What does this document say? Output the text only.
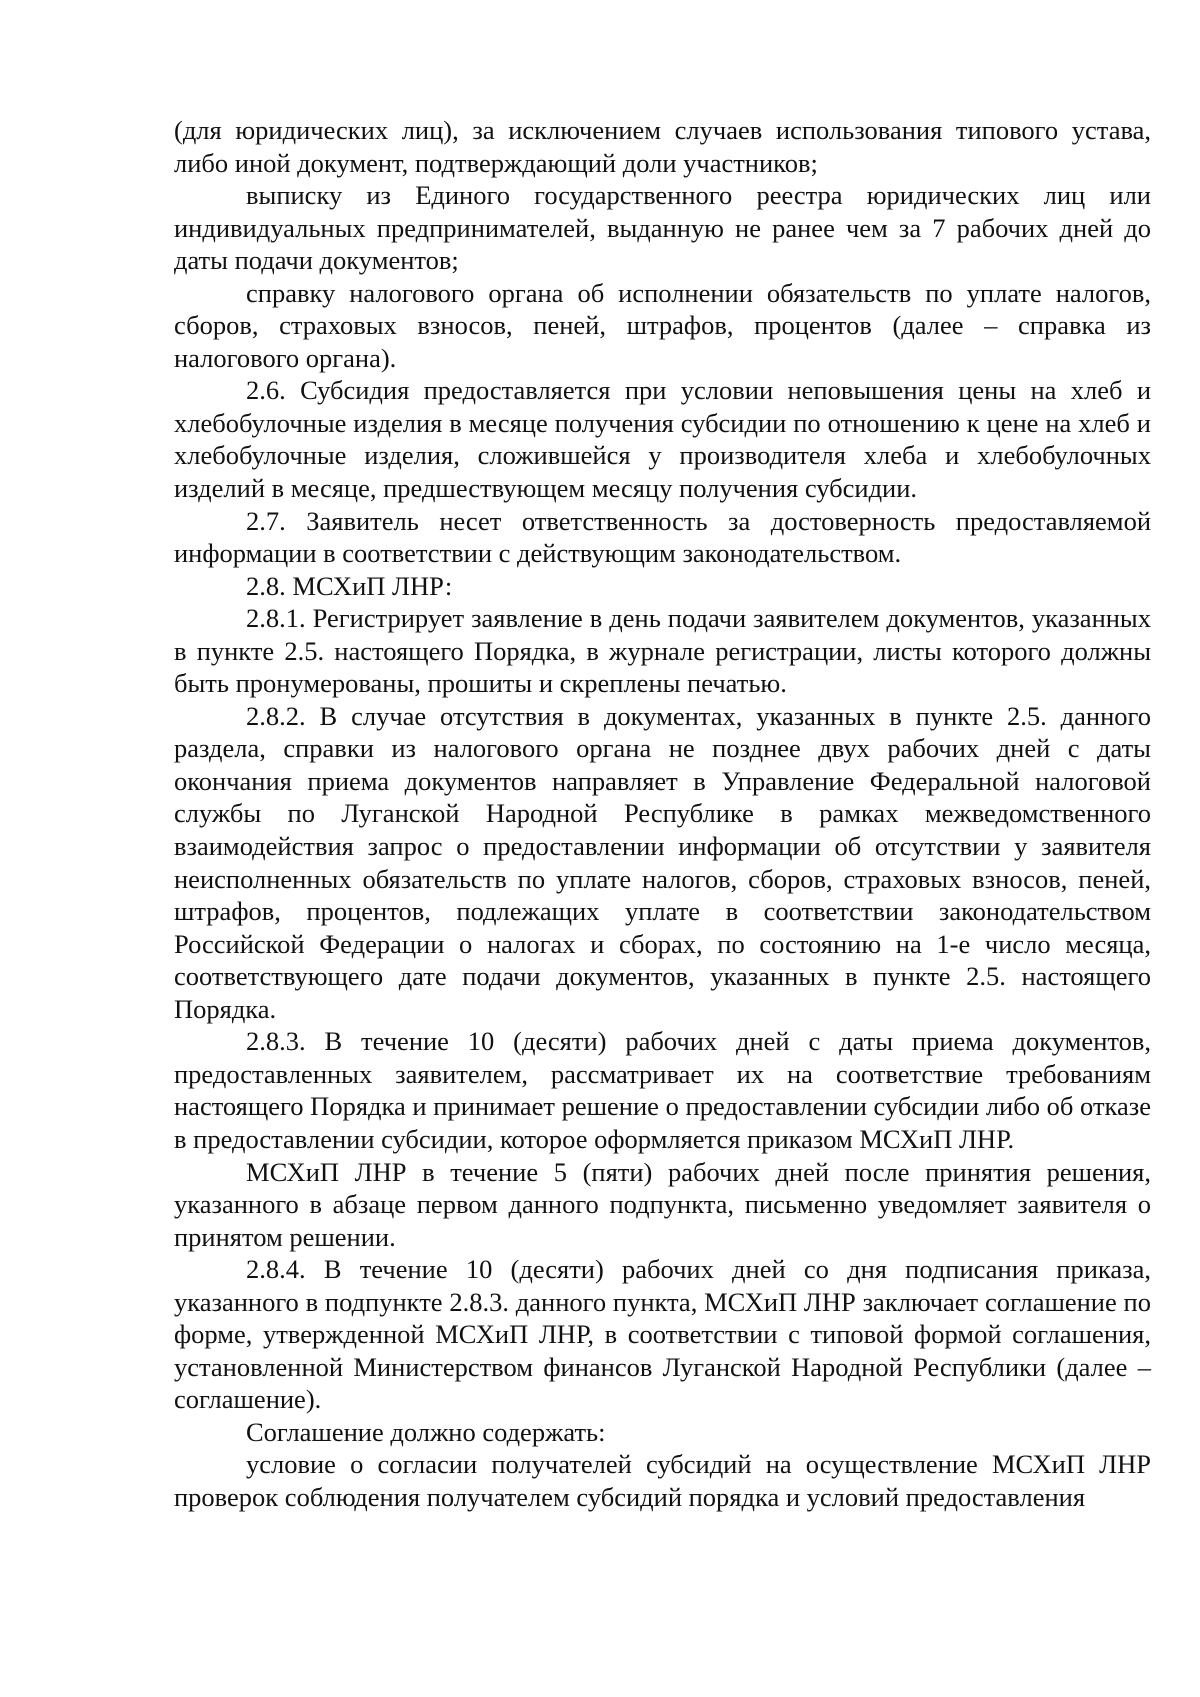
(для юридических лиц), за исключением случаев использования типового устава, либо иной документ, подтверждающий доли участников;

выписку из Единого государственного реестра юридических лиц или индивидуальных предпринимателей, выданную не ранее чем за 7 рабочих дней до даты подачи документов;

справку налогового органа об исполнении обязательств по уплате налогов, сборов, страховых взносов, пеней, штрафов, процентов (далее – справка из налогового органа).

2.6. Субсидия предоставляется при условии неповышения цены на хлеб и хлебобулочные изделия в месяце получения субсидии по отношению к цене на хлеб и хлебобулочные изделия, сложившейся у производителя хлеба и хлебобулочных изделий в месяце, предшествующем месяцу получения субсидии.

2.7. Заявитель несет ответственность за достоверность предоставляемой информации в соответствии с действующим законодательством.

2.8. МСХиП ЛНР:

2.8.1. Регистрирует заявление в день подачи заявителем документов, указанных в пункте 2.5. настоящего Порядка, в журнале регистрации, листы которого должны быть пронумерованы, прошиты и скреплены печатью.

2.8.2. В случае отсутствия в документах, указанных в пункте 2.5. данного раздела, справки из налогового органа не позднее двух рабочих дней с даты окончания приема документов направляет в Управление Федеральной налоговой службы по Луганской Народной Республике в рамках межведомственного взаимодействия запрос о предоставлении информации об отсутствии у заявителя неисполненных обязательств по уплате налогов, сборов, страховых взносов, пеней, штрафов, процентов, подлежащих уплате в соответствии законодательством Российской Федерации о налогах и сборах, по состоянию на 1-е число месяца, соответствующего дате подачи документов, указанных в пункте 2.5. настоящего Порядка.

2.8.3. В течение 10 (десяти) рабочих дней с даты приема документов, предоставленных заявителем, рассматривает их на соответствие требованиям настоящего Порядка и принимает решение о предоставлении субсидии либо об отказе в предоставлении субсидии, которое оформляется приказом МСХиП ЛНР.

МСХиП ЛНР в течение 5 (пяти) рабочих дней после принятия решения, указанного в абзаце первом данного подпункта, письменно уведомляет заявителя о принятом решении.

2.8.4. В течение 10 (десяти) рабочих дней со дня подписания приказа, указанного в подпункте 2.8.3. данного пункта, МСХиП ЛНР заключает соглашение по форме, утвержденной МСХиП ЛНР, в соответствии с типовой формой соглашения, установленной Министерством финансов Луганской Народной Республики (далее – соглашение).

Соглашение должно содержать:

условие о согласии получателей субсидий на осуществление МСХиП ЛНР проверок соблюдения получателем субсидий порядка и условий предоставления
